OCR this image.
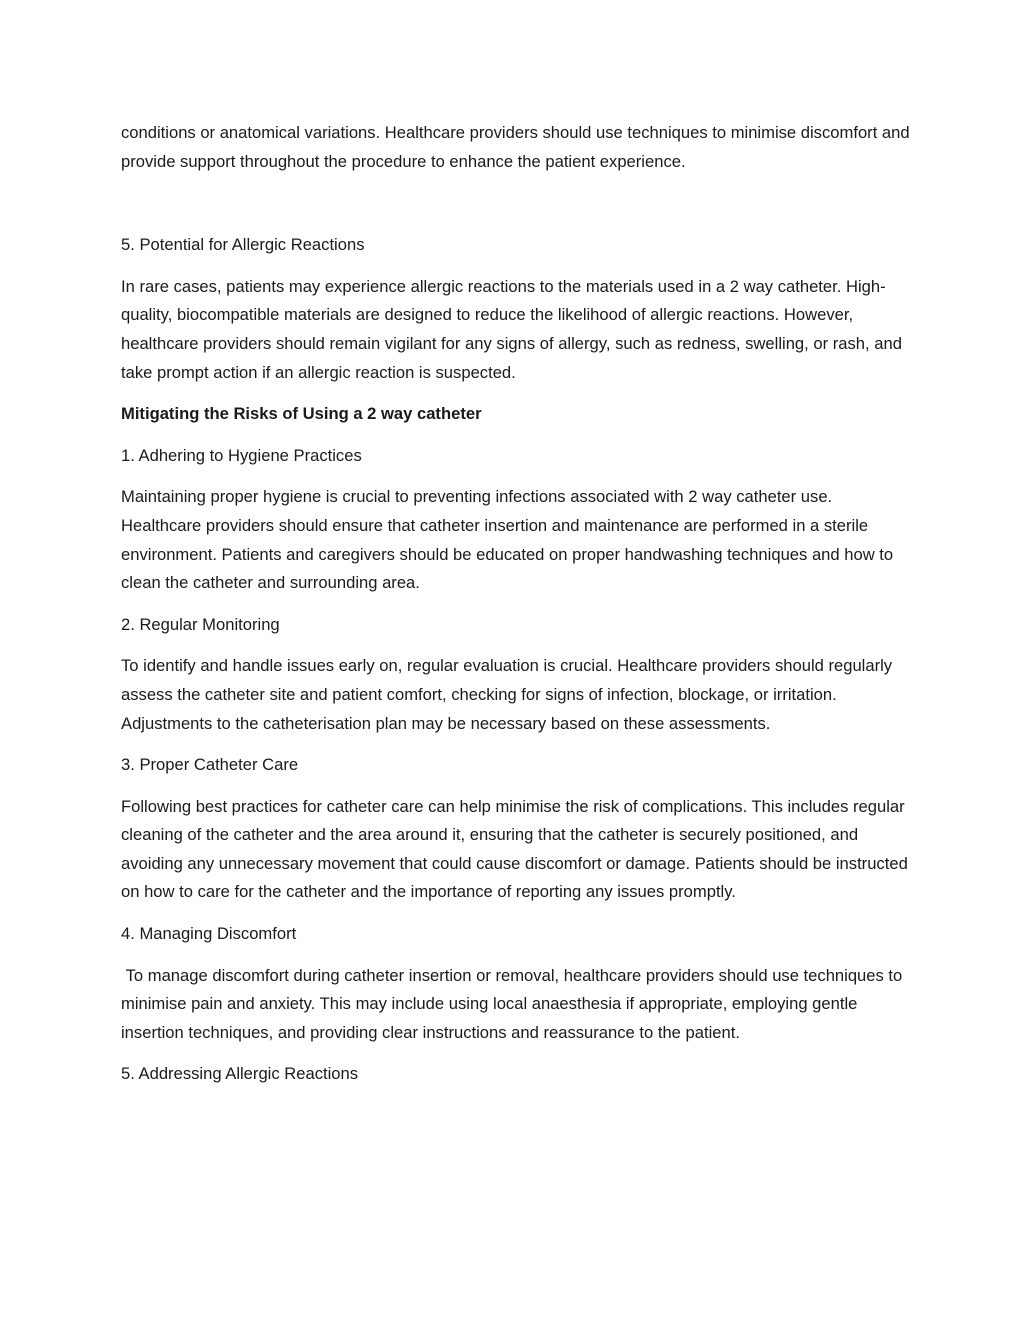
conditions or anatomical variations. Healthcare providers should use techniques to minimise discomfort and provide support throughout the procedure to enhance the patient experience.

5. Potential for Allergic Reactions

In rare cases, patients may experience allergic reactions to the materials used in a 2 way catheter. High-quality, biocompatible materials are designed to reduce the likelihood of allergic reactions. However, healthcare providers should remain vigilant for any signs of allergy, such as redness, swelling, or rash, and take prompt action if an allergic reaction is suspected.

Mitigating the Risks of Using a 2 way catheter

1. Adhering to Hygiene Practices

Maintaining proper hygiene is crucial to preventing infections associated with 2 way catheter use. Healthcare providers should ensure that catheter insertion and maintenance are performed in a sterile environment. Patients and caregivers should be educated on proper handwashing techniques and how to clean the catheter and surrounding area.

2. Regular Monitoring

To identify and handle issues early on, regular evaluation is crucial. Healthcare providers should regularly assess the catheter site and patient comfort, checking for signs of infection, blockage, or irritation. Adjustments to the catheterisation plan may be necessary based on these assessments.

3. Proper Catheter Care

Following best practices for catheter care can help minimise the risk of complications. This includes regular cleaning of the catheter and the area around it, ensuring that the catheter is securely positioned, and avoiding any unnecessary movement that could cause discomfort or damage. Patients should be instructed on how to care for the catheter and the importance of reporting any issues promptly.

4. Managing Discomfort

To manage discomfort during catheter insertion or removal, healthcare providers should use techniques to minimise pain and anxiety. This may include using local anaesthesia if appropriate, employing gentle insertion techniques, and providing clear instructions and reassurance to the patient.

5. Addressing Allergic Reactions
